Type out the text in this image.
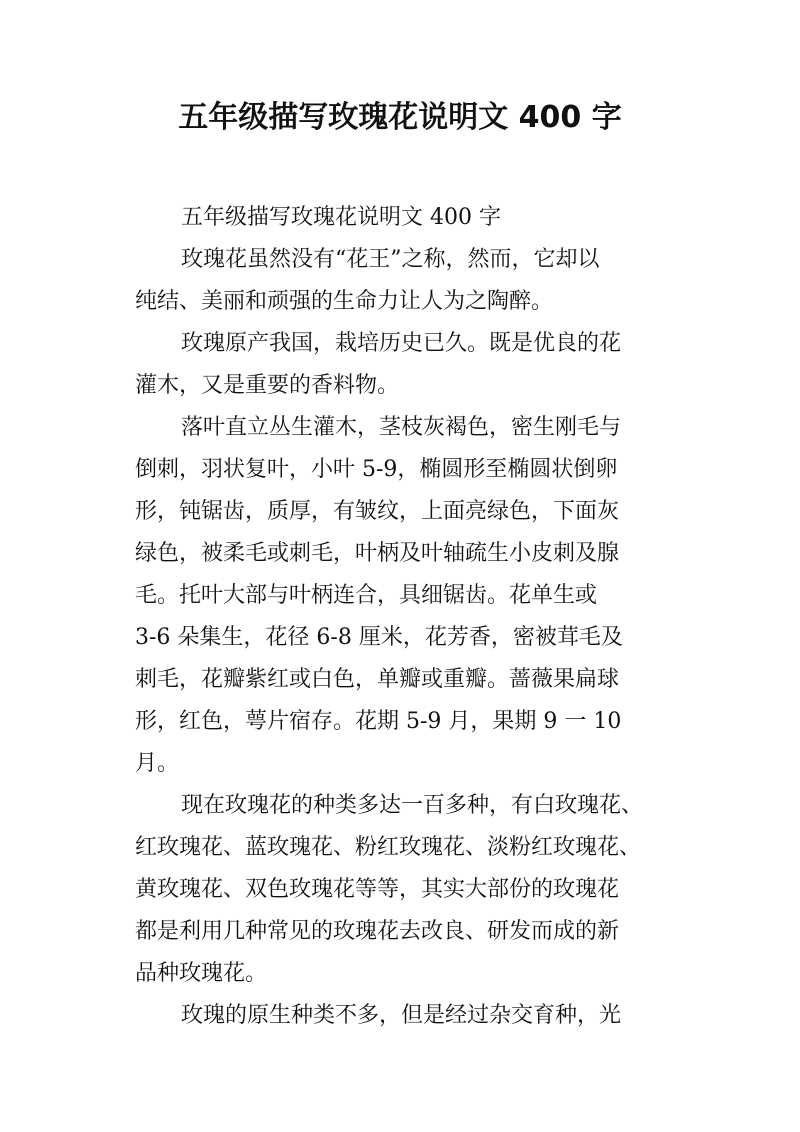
五年级描写玫瑰花说明文 400 字
五年级描写玫瑰花说明文 400 字
玫瑰花虽然没有“花王”之称，然而，它却以
纯结、美丽和顽强的生命力让人为之陶醉。
玫瑰原产我国，栽培历史已久。既是优良的花
灌木，又是重要的香料物。
落叶直立丛生灌木，茎枝灰褐色，密生刚毛与
倒刺，羽状复叶，小叶 5-9，椭圆形至椭圆状倒卵
形，钝锯齿，质厚，有皱纹，上面亮绿色，下面灰
绿色，被柔毛或刺毛，叶柄及叶轴疏生小皮刺及腺
毛。托叶大部与叶柄连合，具细锯齿。花单生或
3-6 朵集生，花径 6-8 厘米，花芳香，密被茸毛及
刺毛，花瓣紫红或白色，单瓣或重瓣。蔷薇果扁球
形，红色，萼片宿存。花期 5-9 月，果期 9 一 10
月。
现在玫瑰花的种类多达一百多种，有白玫瑰花、
红玫瑰花、蓝玫瑰花、粉红玫瑰花、淡粉红玫瑰花、
黄玫瑰花、双色玫瑰花等等，其实大部份的玫瑰花
都是利用几种常见的玫瑰花去改良、研发而成的新
品种玫瑰花。
玫瑰的原生种类不多，但是经过杂交育种，光
